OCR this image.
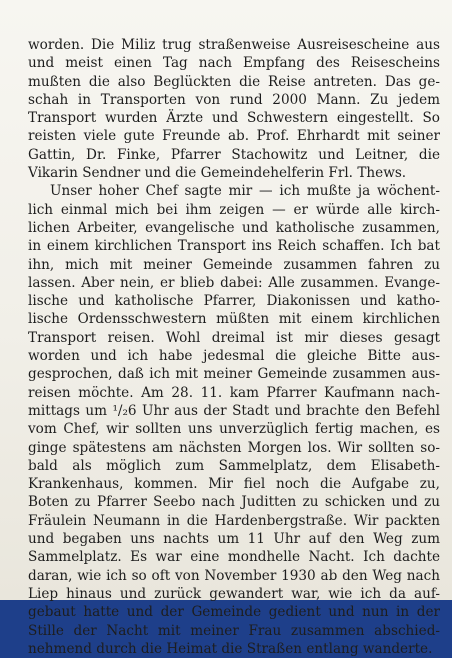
worden. Die Miliz trug straßenweise Ausreisescheine aus
und meist einen Tag nach Empfang des Reisescheins
mußten die also Beglückten die Reise antreten. Das ge-
schah in Transporten von rund 2000 Mann. Zu jedem
Transport wurden Ärzte und Schwestern eingestellt. So
reisten viele gute Freunde ab. Prof. Ehrhardt mit seiner
Gattin, Dr. Finke, Pfarrer Stachowitz und Leitner, die
Vikarin Sendner und die Gemeindehelferin Frl. Thews.
Unser hoher Chef sagte mir — ich mußte ja wöchent-
lich einmal mich bei ihm zeigen — er würde alle kirch-
lichen Arbeiter, evangelische und katholische zusammen,
in einem kirchlichen Transport ins Reich schaffen. Ich bat
ihn, mich mit meiner Gemeinde zusammen fahren zu
lassen. Aber nein, er blieb dabei: Alle zusammen. Evange-
lische und katholische Pfarrer, Diakonissen und katho-
lische Ordensschwestern müßten mit einem kirchlichen
Transport reisen. Wohl dreimal ist mir dieses gesagt
worden und ich habe jedesmal die gleiche Bitte aus-
gesprochen, daß ich mit meiner Gemeinde zusammen aus-
reisen möchte. Am 28. 11. kam Pfarrer Kaufmann nach-
mittags um ¹/₂6 Uhr aus der Stadt und brachte den Befehl
vom Chef, wir sollten uns unverzüglich fertig machen, es
ginge spätestens am nächsten Morgen los. Wir sollten so-
bald als möglich zum Sammelplatz, dem Elisabeth-
Krankenhaus, kommen. Mir fiel noch die Aufgabe zu,
Boten zu Pfarrer Seebo nach Juditten zu schicken und zu
Fräulein Neumann in die Hardenbergstraße. Wir packten
und begaben uns nachts um 11 Uhr auf den Weg zum
Sammelplatz. Es war eine mondhelle Nacht. Ich dachte
daran, wie ich so oft von November 1930 ab den Weg nach
Liep hinaus und zurück gewandert war, wie ich da auf-
gebaut hatte und der Gemeinde gedient und nun in der
Stille der Nacht mit meiner Frau zusammen abschied-
nehmend durch die Heimat die Straßen entlang wanderte.
